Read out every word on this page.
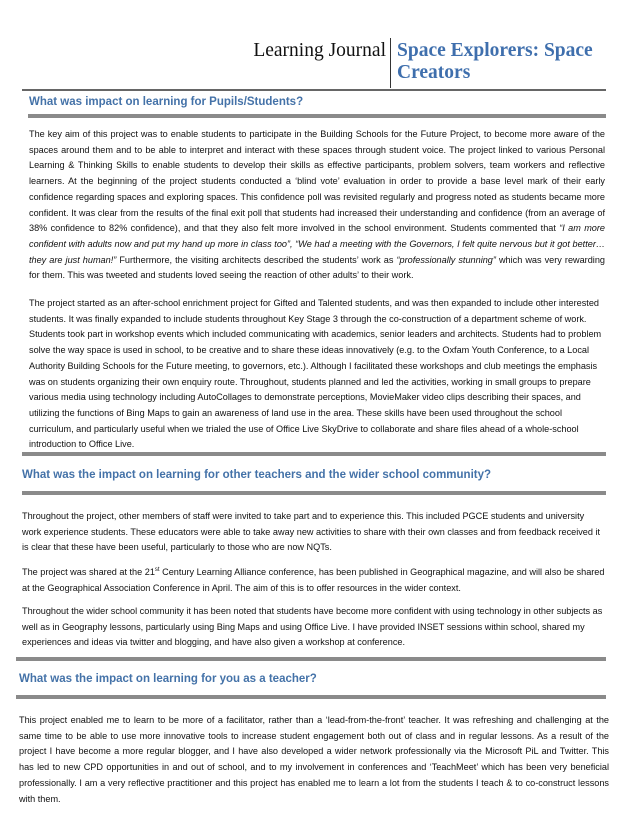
Learning Journal Space Explorers: Space Creators
What was impact on learning for Pupils/Students?
The key aim of this project was to enable students to participate in the Building Schools for the Future Project, to become more aware of the spaces around them and to be able to interpret and interact with these spaces through student voice. The project linked to various Personal Learning & Thinking Skills to enable students to develop their skills as effective participants, problem solvers, team workers and reflective learners. At the beginning of the project students conducted a ‘blind vote’ evaluation in order to provide a base level mark of their early confidence regarding spaces and exploring spaces. This confidence poll was revisited regularly and progress noted as students became more confident. It was clear from the results of the final exit poll that students had increased their understanding and confidence (from an average of 38% confidence to 82% confidence), and that they also felt more involved in the school environment. Students commented that “I am more confident with adults now and put my hand up more in class too”, “We had a meeting with the Governors, I felt quite nervous but it got better…they are just human!” Furthermore, the visiting architects described the students’ work as “professionally stunning” which was very rewarding for them. This was tweeted and students loved seeing the reaction of other adults’ to their work.
The project started as an after-school enrichment project for Gifted and Talented students, and was then expanded to include other interested students. It was finally expanded to include students throughout Key Stage 3 through the co-construction of a department scheme of work. Students took part in workshop events which included communicating with academics, senior leaders and architects. Students had to problem solve the way space is used in school, to be creative and to share these ideas innovatively (e.g. to the Oxfam Youth Conference, to a Local Authority Building Schools for the Future meeting, to governors, etc.). Although I facilitated these workshops and club meetings the emphasis was on students organizing their own enquiry route. Throughout, students planned and led the activities, working in small groups to prepare various media using technology including AutoCollages to demonstrate perceptions, MovieMaker video clips describing their spaces, and utilizing the functions of Bing Maps to gain an awareness of land use in the area. These skills have been used throughout the school curriculum, and particularly useful when we trialed the use of Office Live SkyDrive to collaborate and share files ahead of a whole-school introduction to Office Live.
What was the impact on learning for other teachers and the wider school community?
Throughout the project, other members of staff were invited to take part and to experience this. This included PGCE students and university work experience students. These educators were able to take away new activities to share with their own classes and from feedback received it is clear that these have been useful, particularly to those who are now NQTs.
The project was shared at the 21st Century Learning Alliance conference, has been published in Geographical magazine, and will also be shared at the Geographical Association Conference in April. The aim of this is to offer resources in the wider context.
Throughout the wider school community it has been noted that students have become more confident with using technology in other subjects as well as in Geography lessons, particularly using Bing Maps and using Office Live. I have provided INSET sessions within school, shared my experiences and ideas via twitter and blogging, and have also given a workshop at conference.
What was the impact on learning for you as a teacher?
This project enabled me to learn to be more of a facilitator, rather than a ‘lead-from-the-front’ teacher. It was refreshing and challenging at the same time to be able to use more innovative tools to increase student engagement both out of class and in regular lessons. As a result of the project I have become a more regular blogger, and I have also developed a wider network professionally via the Microsoft PiL and Twitter. This has led to new CPD opportunities in and out of school, and to my involvement in conferences and ‘TeachMeet’ which has been very beneficial professionally. I am a very reflective practitioner and this project has enabled me to learn a lot from the students I teach & to co-construct lessons with them.
